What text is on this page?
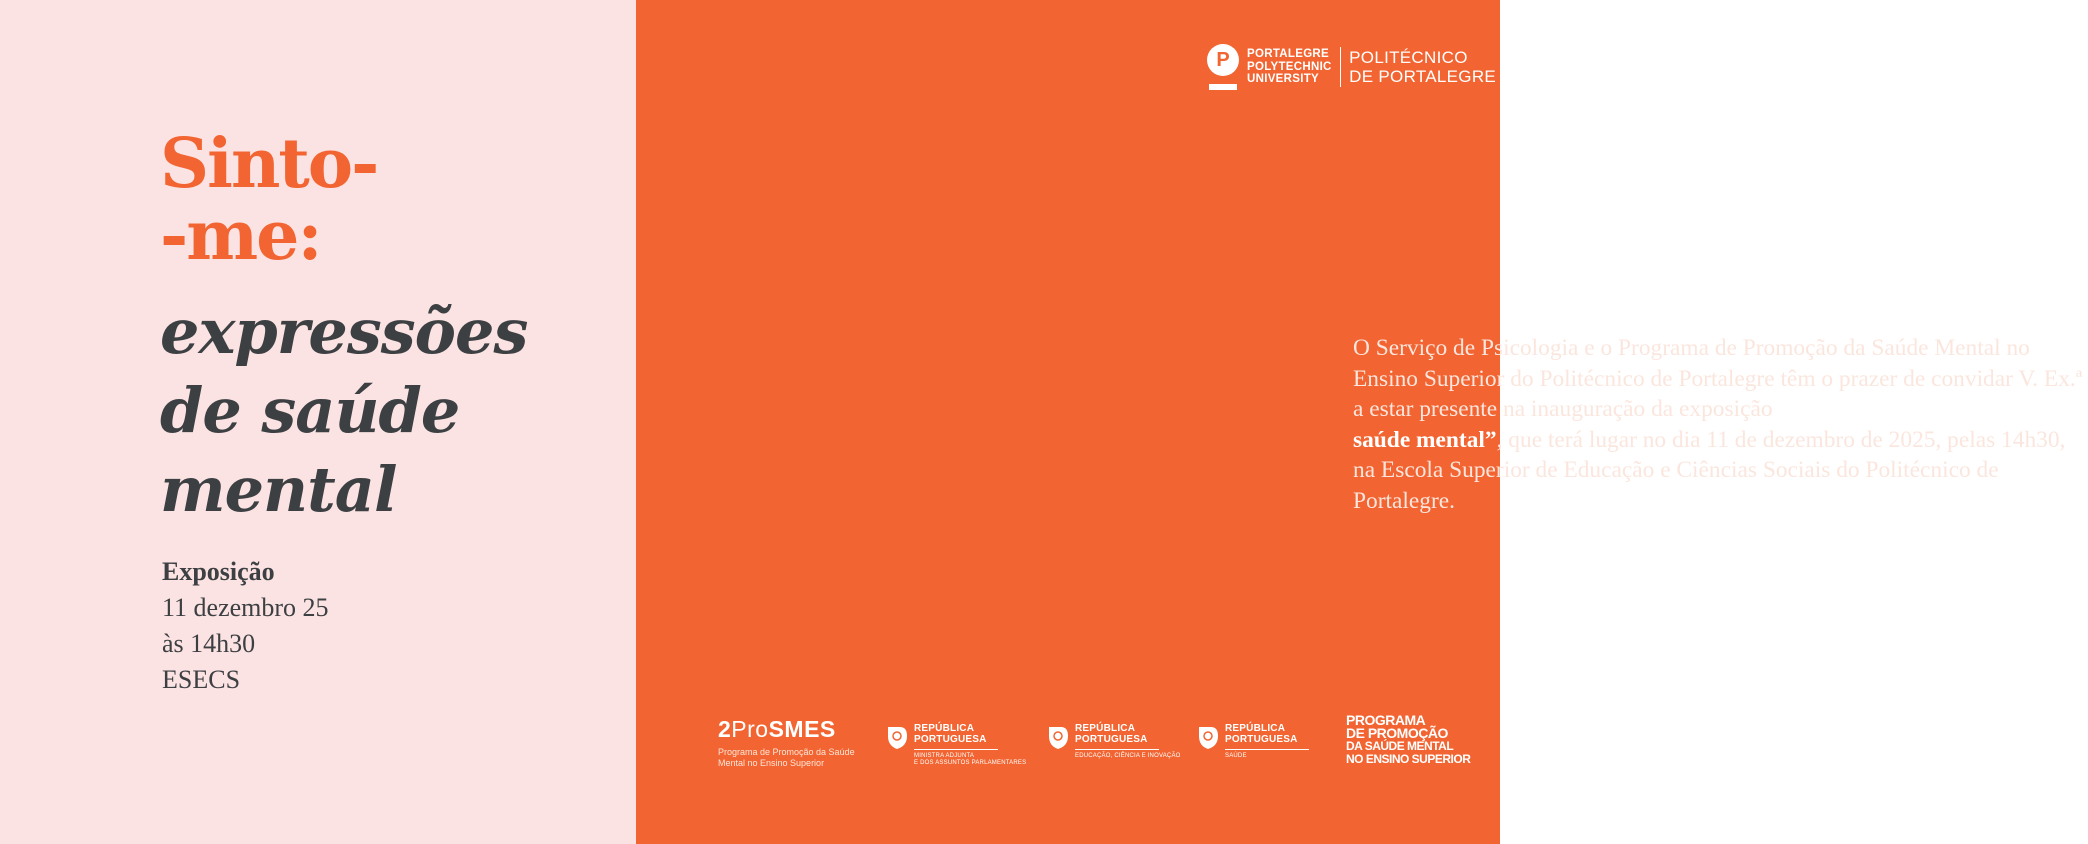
Sinto-
-me:
expressões
de saúde
mental
Exposição
11 dezembro 25
às 14h30
ESECS

O Serviço de Psicologia e o Programa de Promoção da Saúde Mental no Ensino Superior do Politécnico de Portalegre têm o prazer de convidar V. Ex.ª a estar presente na inauguração da exposição “Sinto-me: expressões de saúde mental”, que terá lugar no dia 11 de dezembro de 2025, pelas 14h30, na Escola Superior de Educação e Ciências Sociais do Politécnico de Portalegre.

P	PORTALEGRE
POLYTECHNIC
UNIVERSITY
POLITÉCNICO
DE PORTALEGRE
2ProSMES
Programa de Promoção da Saúde
Mental no Ensino Superior
REPÚBLICA
PORTUGUESA
MINISTRA ADJUNTA
E DOS ASSUNTOS PARLAMENTARES
REPÚBLICA
PORTUGUESA
EDUCAÇÃO, CIÊNCIA E INOVAÇÃO
REPÚBLICA
PORTUGUESA
SAÚDE
PROGRAMA
DE PROMOÇÃO
DA SAÚDE MENTAL
NO ENSINO SUPERIOR
